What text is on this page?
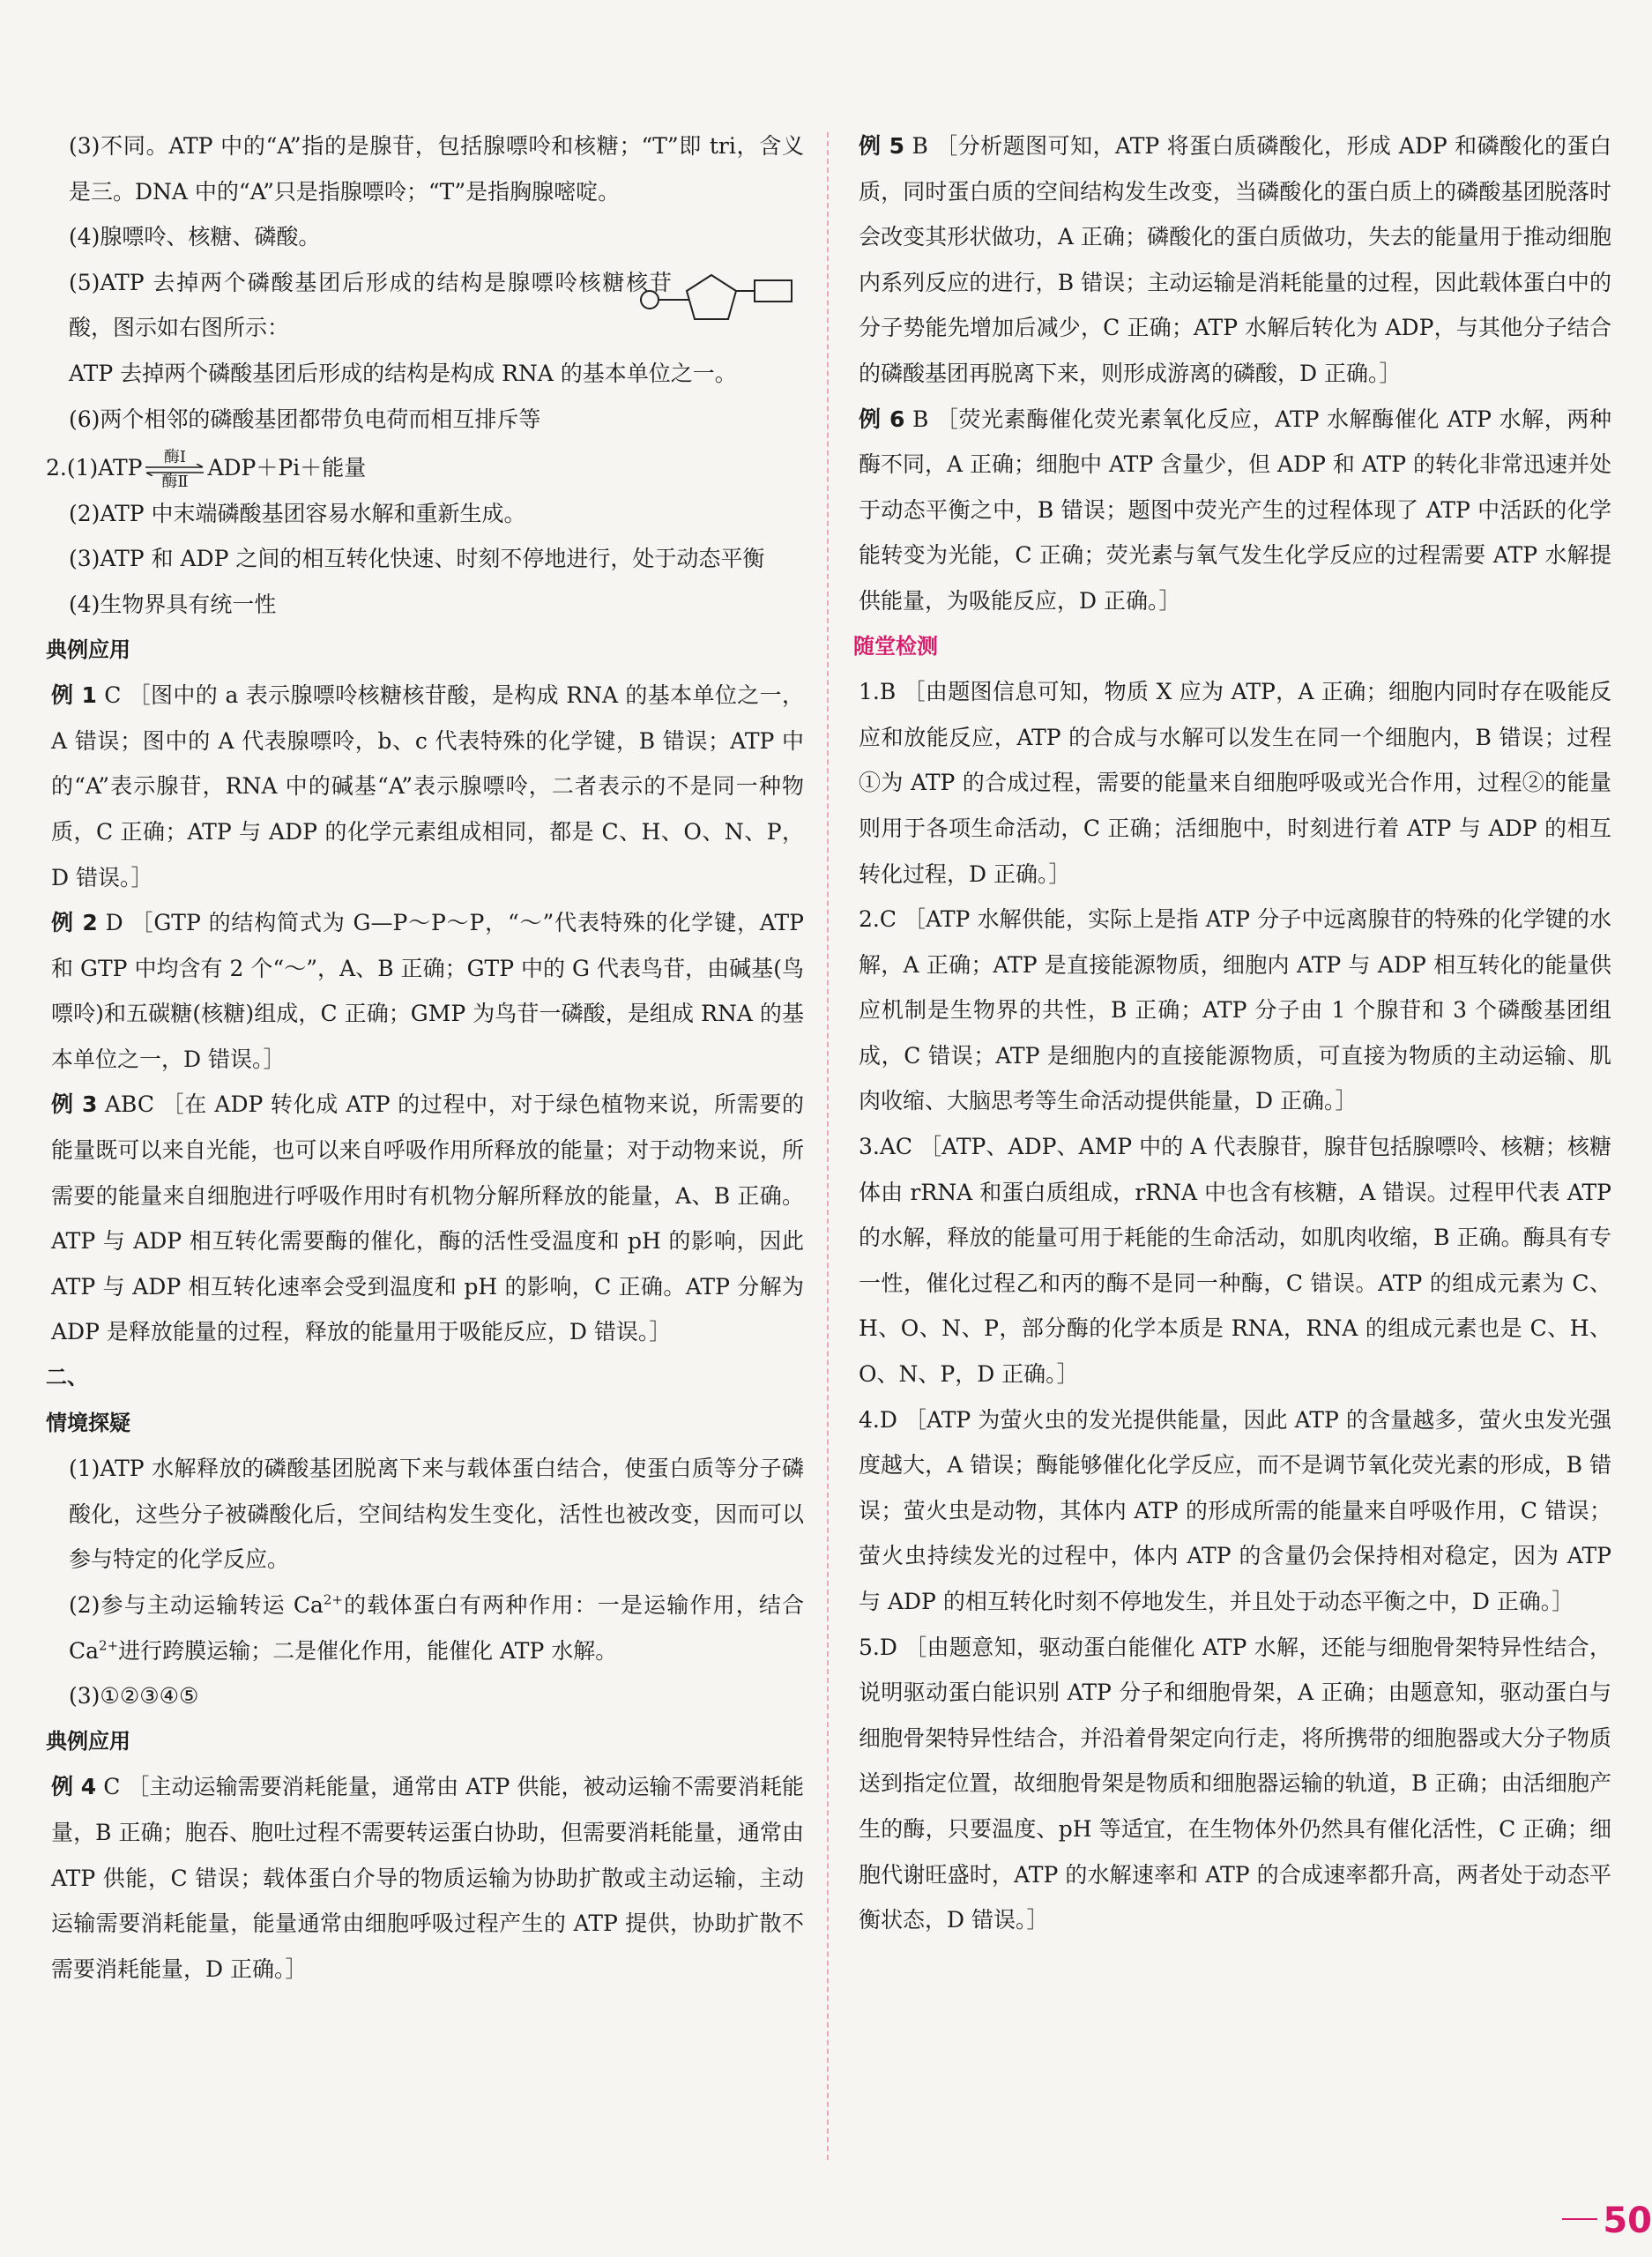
(3)不同。ATP 中的“A”指的是腺苷，包括腺嘌呤和核糖；“T”即 tri，含义是三。DNA 中的“A”只是指腺嘌呤；“T”是指胸腺嘧啶。

(4)腺嘌呤、核糖、磷酸。

(5)ATP 去掉两个磷酸基团后形成的结构是腺嘌呤核糖核苷酸，图示如右图所示：

ATP 去掉两个磷酸基团后形成的结构是构成 RNA 的基本单位之一。

(6)两个相邻的磷酸基团都带负电荷而相互排斥等

2.(1)ATP	酶Ⅰ
酶Ⅱ
ADP＋Pi＋能量

(2)ATP 中末端磷酸基团容易水解和重新生成。

(3)ATP 和 ADP 之间的相互转化快速、时刻不停地进行，处于动态平衡

(4)生物界具有统一性

典例应用

例 1 C ［图中的 a 表示腺嘌呤核糖核苷酸，是构成 RNA 的基本单位之一，A 错误；图中的 A 代表腺嘌呤，b、c 代表特殊的化学键，B 错误；ATP 中的“A”表示腺苷，RNA 中的碱基“A”表示腺嘌呤，二者表示的不是同一种物质，C 正确；ATP 与 ADP 的化学元素组成相同，都是 C、H、O、N、P，D 错误。］

例 2 D ［GTP 的结构简式为 G—P～P～P，“～”代表特殊的化学键，ATP 和 GTP 中均含有 2 个“～”，A、B 正确；GTP 中的 G 代表鸟苷，由碱基(鸟嘌呤)和五碳糖(核糖)组成，C 正确；GMP 为鸟苷一磷酸，是组成 RNA 的基本单位之一，D 错误。］

例 3 ABC ［在 ADP 转化成 ATP 的过程中，对于绿色植物来说，所需要的能量既可以来自光能，也可以来自呼吸作用所释放的能量；对于动物来说，所需要的能量来自细胞进行呼吸作用时有机物分解所释放的能量，A、B 正确。ATP 与 ADP 相互转化需要酶的催化，酶的活性受温度和 pH 的影响，因此 ATP 与 ADP 相互转化速率会受到温度和 pH 的影响，C 正确。ATP 分解为 ADP 是释放能量的过程，释放的能量用于吸能反应，D 错误。］

二、

情境探疑

(1)ATP 水解释放的磷酸基团脱离下来与载体蛋白结合，使蛋白质等分子磷酸化，这些分子被磷酸化后，空间结构发生变化，活性也被改变，因而可以参与特定的化学反应。

(2)参与主动运输转运 $Ca^{2+}$的载体蛋白有两种作用：一是运输作用，结合 $Ca^{2+}$进行跨膜运输；二是催化作用，能催化 ATP 水解。

(3)①②③④⑤

典例应用

例 4 C ［主动运输需要消耗能量，通常由 ATP 供能，被动运输不需要消耗能量，B 正确；胞吞、胞吐过程不需要转运蛋白协助，但需要消耗能量，通常由 ATP 供能，C 错误；载体蛋白介导的物质运输为协助扩散或主动运输，主动运输需要消耗能量，能量通常由细胞呼吸过程产生的 ATP 提供，协助扩散不需要消耗能量，D 正确。］

例 5 B ［分析题图可知，ATP 将蛋白质磷酸化，形成 ADP 和磷酸化的蛋白质，同时蛋白质的空间结构发生改变，当磷酸化的蛋白质上的磷酸基团脱落时会改变其形状做功，A 正确；磷酸化的蛋白质做功，失去的能量用于推动细胞内系列反应的进行，B 错误；主动运输是消耗能量的过程，因此载体蛋白中的分子势能先增加后减少，C 正确；ATP 水解后转化为 ADP，与其他分子结合的磷酸基团再脱离下来，则形成游离的磷酸，D 正确。］

例 6 B ［荧光素酶催化荧光素氧化反应，ATP 水解酶催化 ATP 水解，两种酶不同，A 正确；细胞中 ATP 含量少，但 ADP 和 ATP 的转化非常迅速并处于动态平衡之中，B 错误；题图中荧光产生的过程体现了 ATP 中活跃的化学能转变为光能，C 正确；荧光素与氧气发生化学反应的过程需要 ATP 水解提供能量，为吸能反应，D 正确。］

随堂检测

1.B ［由题图信息可知，物质 X 应为 ATP，A 正确；细胞内同时存在吸能反应和放能反应，ATP 的合成与水解可以发生在同一个细胞内，B 错误；过程①为 ATP 的合成过程，需要的能量来自细胞呼吸或光合作用，过程②的能量则用于各项生命活动，C 正确；活细胞中，时刻进行着 ATP 与 ADP 的相互转化过程，D 正确。］

2.C ［ATP 水解供能，实际上是指 ATP 分子中远离腺苷的特殊的化学键的水解，A 正确；ATP 是直接能源物质，细胞内 ATP 与 ADP 相互转化的能量供应机制是生物界的共性，B 正确；ATP 分子由 1 个腺苷和 3 个磷酸基团组成，C 错误；ATP 是细胞内的直接能源物质，可直接为物质的主动运输、肌肉收缩、大脑思考等生命活动提供能量，D 正确。］

3.AC ［ATP、ADP、AMP 中的 A 代表腺苷，腺苷包括腺嘌呤、核糖；核糖体由 rRNA 和蛋白质组成，rRNA 中也含有核糖，A 错误。过程甲代表 ATP 的水解，释放的能量可用于耗能的生命活动，如肌肉收缩，B 正确。酶具有专一性，催化过程乙和丙的酶不是同一种酶，C 错误。ATP 的组成元素为 C、H、O、N、P，部分酶的化学本质是 RNA，RNA 的组成元素也是 C、H、O、N、P，D 正确。］

4.D ［ATP 为萤火虫的发光提供能量，因此 ATP 的含量越多，萤火虫发光强度越大，A 错误；酶能够催化化学反应，而不是调节氧化荧光素的形成，B 错误；萤火虫是动物，其体内 ATP 的形成所需的能量来自呼吸作用，C 错误；萤火虫持续发光的过程中，体内 ATP 的含量仍会保持相对稳定，因为 ATP 与 ADP 的相互转化时刻不停地发生，并且处于动态平衡之中，D 正确。］

5.D ［由题意知，驱动蛋白能催化 ATP 水解，还能与细胞骨架特异性结合，说明驱动蛋白能识别 ATP 分子和细胞骨架，A 正确；由题意知，驱动蛋白与细胞骨架特异性结合，并沿着骨架定向行走，将所携带的细胞器或大分子物质送到指定位置，故细胞骨架是物质和细胞器运输的轨道，B 正确；由活细胞产生的酶，只要温度、pH 等适宜，在生物体外仍然具有催化活性，C 正确；细胞代谢旺盛时，ATP 的水解速率和 ATP 的合成速率都升高，两者处于动态平衡状态，D 错误。］

50
